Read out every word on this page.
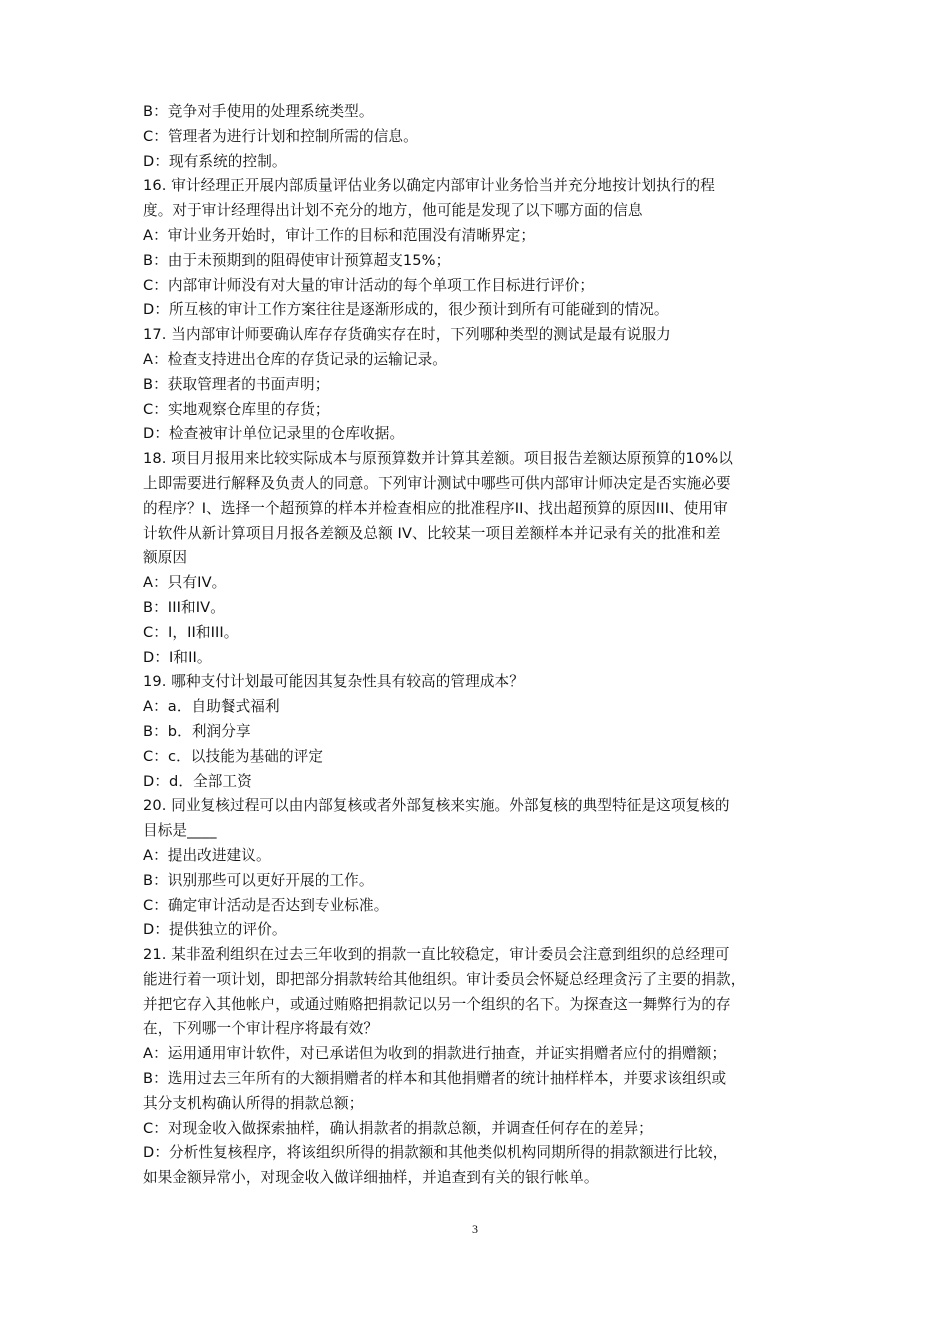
B：竞争对手使用的处理系统类型。
C：管理者为进行计划和控制所需的信息。
D：现有系统的控制。
16. 审计经理正开展内部质量评估业务以确定内部审计业务恰当并充分地按计划执行的程
度。对于审计经理得出计划不充分的地方，他可能是发现了以下哪方面的信息
A：审计业务开始时，审计工作的目标和范围没有清晰界定；
B：由于未预期到的阻碍使审计预算超支15%；
C：内部审计师没有对大量的审计活动的每个单项工作目标进行评价；
D：所互核的审计工作方案往往是逐渐形成的，很少预计到所有可能碰到的情况。
17. 当内部审计师要确认库存存货确实存在时，下列哪种类型的测试是最有说服力
A：检查支持进出仓库的存货记录的运输记录。
B：获取管理者的书面声明；
C：实地观察仓库里的存货；
D：检查被审计单位记录里的仓库收据。
18. 项目月报用来比较实际成本与原预算数并计算其差额。项目报告差额达原预算的10%以
上即需要进行解释及负责人的同意。下列审计测试中哪些可供内部审计师决定是否实施必要
的程序？I、选择一个超预算的样本并检查相应的批准程序II、找出超预算的原因III、使用审
计软件从新计算项目月报各差额及总额 IV、比较某一项目差额样本并记录有关的批准和差
额原因
A：只有IV。
B：III和IV。
C：I，II和III。
D：I和II。
19. 哪种支付计划最可能因其复杂性具有较高的管理成本？
A：a．自助餐式福利
B：b．利润分享
C：c．以技能为基础的评定
D：d．全部工资
20. 同业复核过程可以由内部复核或者外部复核来实施。外部复核的典型特征是这项复核的
目标是____
A：提出改进建议。
B：识别那些可以更好开展的工作。
C：确定审计活动是否达到专业标准。
D：提供独立的评价。
21. 某非盈利组织在过去三年收到的捐款一直比较稳定，审计委员会注意到组织的总经理可
能进行着一项计划，即把部分捐款转给其他组织。审计委员会怀疑总经理贪污了主要的捐款，
并把它存入其他帐户，或通过贿赂把捐款记以另一个组织的名下。为探查这一舞弊行为的存
在，下列哪一个审计程序将最有效？
A：运用通用审计软件，对已承诺但为收到的捐款进行抽查，并证实捐赠者应付的捐赠额；
B：选用过去三年所有的大额捐赠者的样本和其他捐赠者的统计抽样样本，并要求该组织或
其分支机构确认所得的捐款总额；
C：对现金收入做探索抽样，确认捐款者的捐款总额，并调查任何存在的差异；
D：分析性复核程序，将该组织所得的捐款额和其他类似机构同期所得的捐款额进行比较，
如果金额异常小，对现金收入做详细抽样，并追查到有关的银行帐单。
3
